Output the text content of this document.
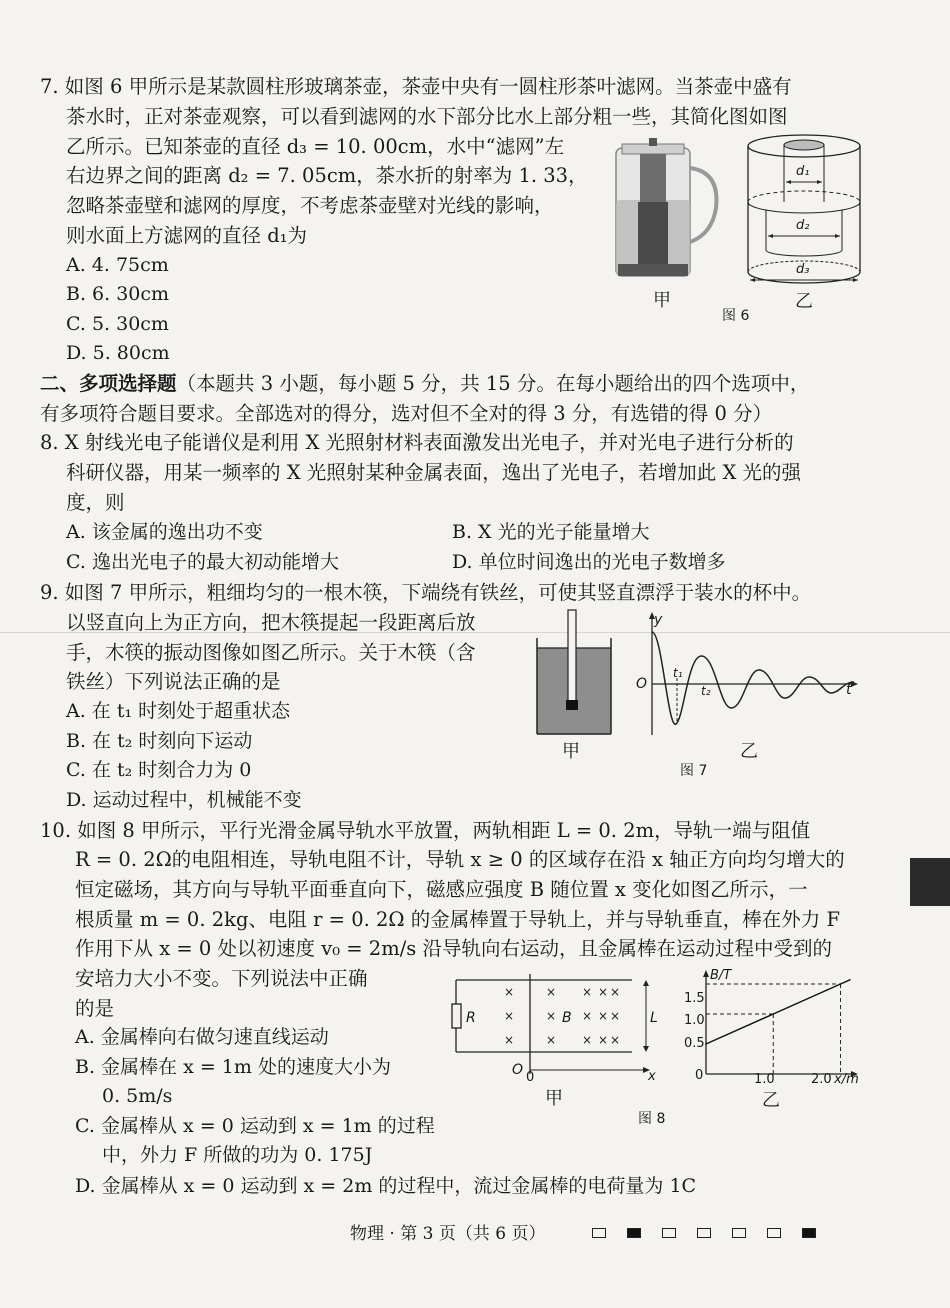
7. 如图 6 甲所示是某款圆柱形玻璃茶壶，茶壶中央有一圆柱形茶叶滤网。当茶壶中盛有
茶水时，正对茶壶观察，可以看到滤网的水下部分比水上部分粗一些，其简化图如图
乙所示。已知茶壶的直径 d₃ = 10. 00cm，水中“滤网”左
右边界之间的距离 d₂ = 7. 05cm，茶水折的射率为 1. 33，
忽略茶壶壁和滤网的厚度，不考虑茶壶壁对光线的影响，
则水面上方滤网的直径 d₁为
A. 4. 75cm
B. 6. 30cm
C. 5. 30cm
D. 5. 80cm
甲
d₁
d₂
d₃
乙
图 6
二、多项选择题（本题共 3 小题，每小题 5 分，共 15 分。在每小题给出的四个选项中，
有多项符合题目要求。全部选对的得分，选对但不全对的得 3 分，有选错的得 0 分）
8. X 射线光电子能谱仪是利用 X 光照射材料表面激发出光电子，并对光电子进行分析的
科研仪器，用某一频率的 X 光照射某种金属表面，逸出了光电子，若增加此 X 光的强
度，则
A. 该金属的逸出功不变	B. X 光的光子能量增大
C. 逸出光电子的最大初动能增大	D. 单位时间逸出的光电子数增多
9. 如图 7 甲所示，粗细均匀的一根木筷，下端绕有铁丝，可使其竖直漂浮于装水的杯中。
以竖直向上为正方向，把木筷提起一段距离后放
手，木筷的振动图像如图乙所示。关于木筷（含
铁丝）下列说法正确的是
A. 在 t₁ 时刻处于超重状态
B. 在 t₂ 时刻向下运动
C. 在 t₂ 时刻合力为 0
D. 运动过程中，机械能不变
甲
y
O
t₁
t₂	t
乙
图 7
10. 如图 8 甲所示，平行光滑金属导轨水平放置，两轨相距 L = 0. 2m，导轨一端与阻值
R = 0. 2Ω的电阻相连，导轨电阻不计，导轨 x ≥ 0 的区域存在沿 x 轴正方向均匀增大的
恒定磁场，其方向与导轨平面垂直向下，磁感应强度 B 随位置 x 变化如图乙所示，一
根质量 m = 0. 2kg、电阻 r = 0. 2Ω 的金属棒置于导轨上，并与导轨垂直，棒在外力 F
作用下从 x = 0 处以初速度 v₀ = 2m/s 沿导轨向右运动，且金属棒在运动过程中受到的
安培力大小不变。下列说法中正确
的是
A. 金属棒向右做匀速直线运动
B. 金属棒在 x = 1m 处的速度大小为
0. 5m/s
C. 金属棒从 x = 0 运动到 x = 1m 的过程
中，外力 F 所做的功为 0. 175J
D. 金属棒从 x = 0 运动到 x = 2m 的过程中，流过金属棒的电荷量为 1C
×
×
×
×
×
×
× × ×
× × ×
× × ×
R	B	L
O 0	x
甲
B/T
1.5
1.0
0.5
0	1.0	2.0 x/m
乙
图 8
物理 · 第 3 页（共 6 页）
